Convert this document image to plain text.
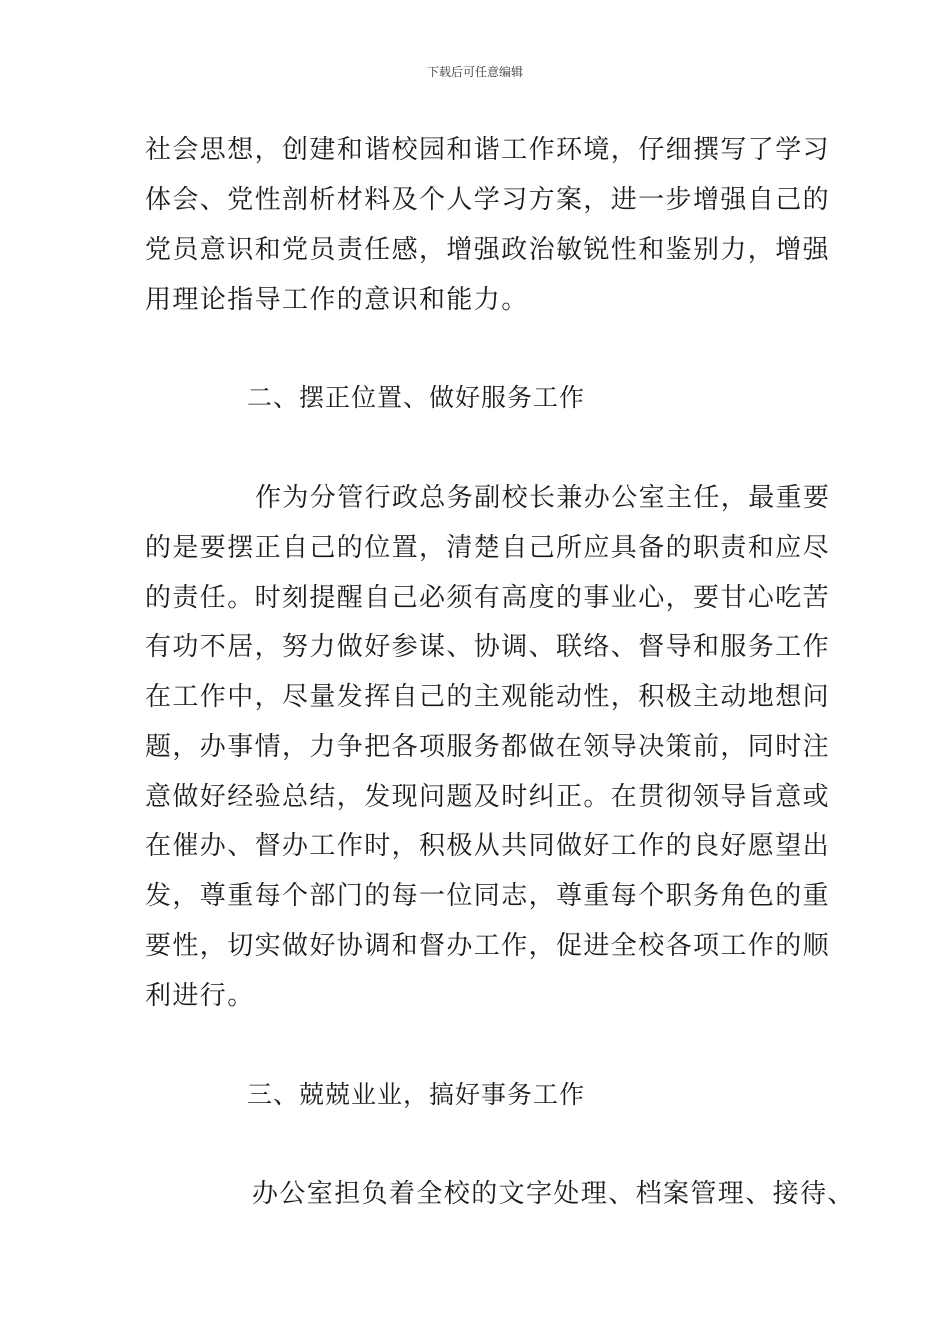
下载后可任意编辑
社会思想，创建和谐校园和谐工作环境，仔细撰写了学习
体会、党性剖析材料及个人学习方案，进一步增强自己的
党员意识和党员责任感，增强政治敏锐性和鉴别力，增强
用理论指导工作的意识和能力。
二、摆正位置、做好服务工作
作为分管行政总务副校长兼办公室主任，最重要
的是要摆正自己的位置，清楚自己所应具备的职责和应尽
的责任。时刻提醒自己必须有高度的事业心，要甘心吃苦
有功不居，努力做好参谋、协调、联络、督导和服务工作
在工作中，尽量发挥自己的主观能动性，积极主动地想问
题，办事情，力争把各项服务都做在领导决策前，同时注
意做好经验总结，发现问题及时纠正。在贯彻领导旨意或
在催办、督办工作时，积极从共同做好工作的良好愿望出
发，尊重每个部门的每一位同志，尊重每个职务角色的重
要性，切实做好协调和督办工作，促进全校各项工作的顺
利进行。
三、兢兢业业，搞好事务工作
办公室担负着全校的文字处理、档案管理、接待、
